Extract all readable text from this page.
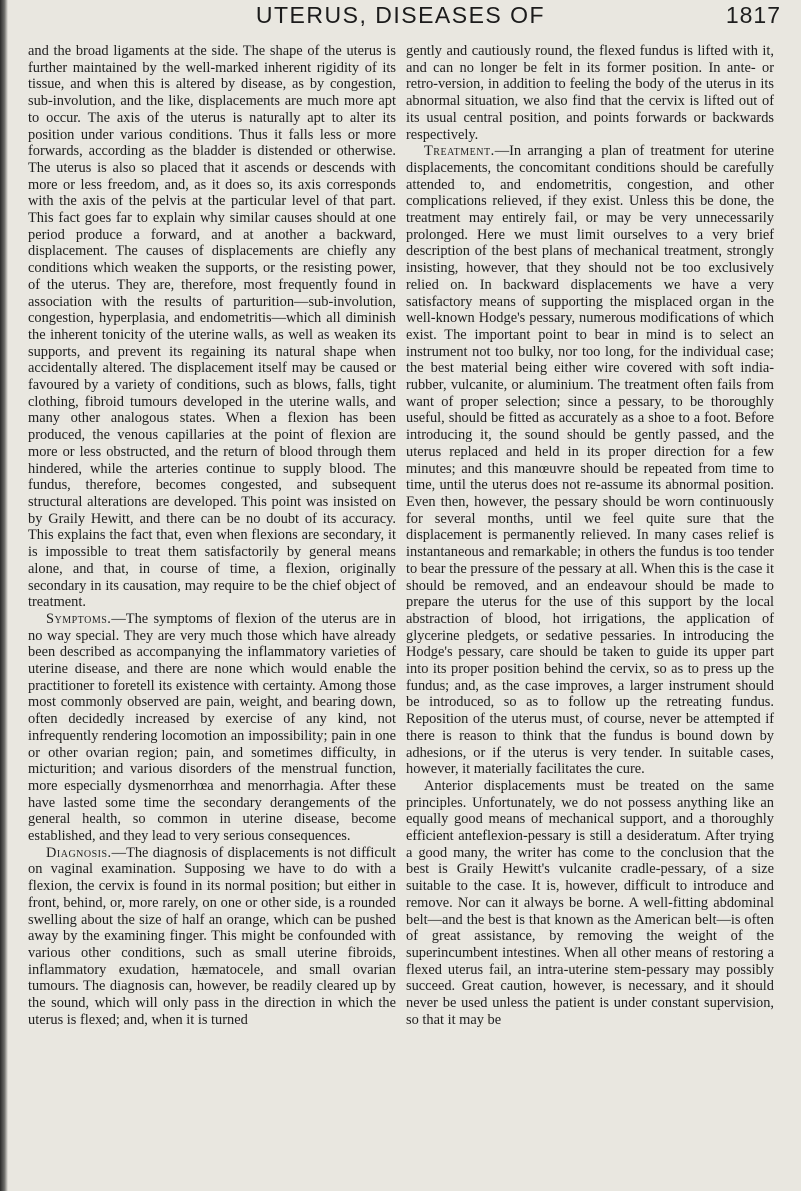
UTERUS, DISEASES OF	1817

and the broad ligaments at the side. The shape of the uterus is further maintained by the well-marked inherent rigidity of its tissue, and when this is altered by disease, as by congestion, sub-involution, and the like, displacements are much more apt to occur. The axis of the uterus is naturally apt to alter its position under various conditions. Thus it falls less or more forwards, according as the bladder is distended or otherwise. The uterus is also so placed that it ascends or descends with more or less freedom, and, as it does so, its axis corresponds with the axis of the pelvis at the particular level of that part. This fact goes far to explain why similar causes should at one period produce a forward, and at another a backward, displacement. The causes of displacements are chiefly any conditions which weaken the supports, or the resisting power, of the uterus. They are, therefore, most frequently found in association with the results of parturition—sub-involution, congestion, hyperplasia, and endometritis—which all diminish the inherent tonicity of the uterine walls, as well as weaken its supports, and prevent its regaining its natural shape when accidentally altered. The displacement itself may be caused or favoured by a variety of conditions, such as blows, falls, tight clothing, fibroid tumours developed in the uterine walls, and many other analogous states. When a flexion has been produced, the venous capillaries at the point of flexion are more or less obstructed, and the return of blood through them hindered, while the arteries continue to supply blood. The fundus, therefore, becomes congested, and subsequent structural alterations are developed. This point was insisted on by Graily Hewitt, and there can be no doubt of its accuracy. This explains the fact that, even when flexions are secondary, it is impossible to treat them satisfactorily by general means alone, and that, in course of time, a flexion, originally secondary in its causation, may require to be the chief object of treatment.

Symptoms.—The symptoms of flexion of the uterus are in no way special. They are very much those which have already been described as accompanying the inflammatory varieties of uterine disease, and there are none which would enable the practitioner to foretell its existence with certainty. Among those most commonly observed are pain, weight, and bearing down, often decidedly increased by exercise of any kind, not infrequently rendering locomotion an impossibility; pain in one or other ovarian region; pain, and sometimes difficulty, in micturition; and various disorders of the menstrual function, more especially dysmenorrhœa and menorrhagia. After these have lasted some time the secondary derangements of the general health, so common in uterine disease, become established, and they lead to very serious consequences.

Diagnosis.—The diagnosis of displacements is not difficult on vaginal examination. Supposing we have to do with a flexion, the cervix is found in its normal position; but either in front, behind, or, more rarely, on one or other side, is a rounded swelling about the size of half an orange, which can be pushed away by the examining finger. This might be confounded with various other conditions, such as small uterine fibroids, inflammatory exudation, hæmatocele, and small ovarian tumours. The diagnosis can, however, be readily cleared up by the sound, which will only pass in the direction in which the uterus is flexed; and, when it is turned

gently and cautiously round, the flexed fundus is lifted with it, and can no longer be felt in its former position. In ante- or retro-version, in addition to feeling the body of the uterus in its abnormal situation, we also find that the cervix is lifted out of its usual central position, and points forwards or backwards respectively.

Treatment.—In arranging a plan of treatment for uterine displacements, the concomitant conditions should be carefully attended to, and endometritis, congestion, and other complications relieved, if they exist. Unless this be done, the treatment may entirely fail, or may be very unnecessarily prolonged. Here we must limit ourselves to a very brief description of the best plans of mechanical treatment, strongly insisting, however, that they should not be too exclusively relied on. In backward displacements we have a very satisfactory means of supporting the misplaced organ in the well-known Hodge's pessary, numerous modifications of which exist. The important point to bear in mind is to select an instrument not too bulky, nor too long, for the individual case; the best material being either wire covered with soft india-rubber, vulcanite, or aluminium. The treatment often fails from want of proper selection; since a pessary, to be thoroughly useful, should be fitted as accurately as a shoe to a foot. Before introducing it, the sound should be gently passed, and the uterus replaced and held in its proper direction for a few minutes; and this manœuvre should be repeated from time to time, until the uterus does not re-assume its abnormal position. Even then, however, the pessary should be worn continuously for several months, until we feel quite sure that the displacement is permanently relieved. In many cases relief is instantaneous and remarkable; in others the fundus is too tender to bear the pressure of the pessary at all. When this is the case it should be removed, and an endeavour should be made to prepare the uterus for the use of this support by the local abstraction of blood, hot irrigations, the application of glycerine pledgets, or sedative pessaries. In introducing the Hodge's pessary, care should be taken to guide its upper part into its proper position behind the cervix, so as to press up the fundus; and, as the case improves, a larger instrument should be introduced, so as to follow up the retreating fundus. Reposition of the uterus must, of course, never be attempted if there is reason to think that the fundus is bound down by adhesions, or if the uterus is very tender. In suitable cases, however, it materially facilitates the cure.

Anterior displacements must be treated on the same principles. Unfortunately, we do not possess anything like an equally good means of mechanical support, and a thoroughly efficient anteflexion-pessary is still a desideratum. After trying a good many, the writer has come to the conclusion that the best is Graily Hewitt's vulcanite cradle-pessary, of a size suitable to the case. It is, however, difficult to introduce and remove. Nor can it always be borne. A well-fitting abdominal belt—and the best is that known as the American belt—is often of great assistance, by removing the weight of the superincumbent intestines. When all other means of restoring a flexed uterus fail, an intra-uterine stem-pessary may possibly succeed. Great caution, however, is necessary, and it should never be used unless the patient is under constant supervision, so that it may be
